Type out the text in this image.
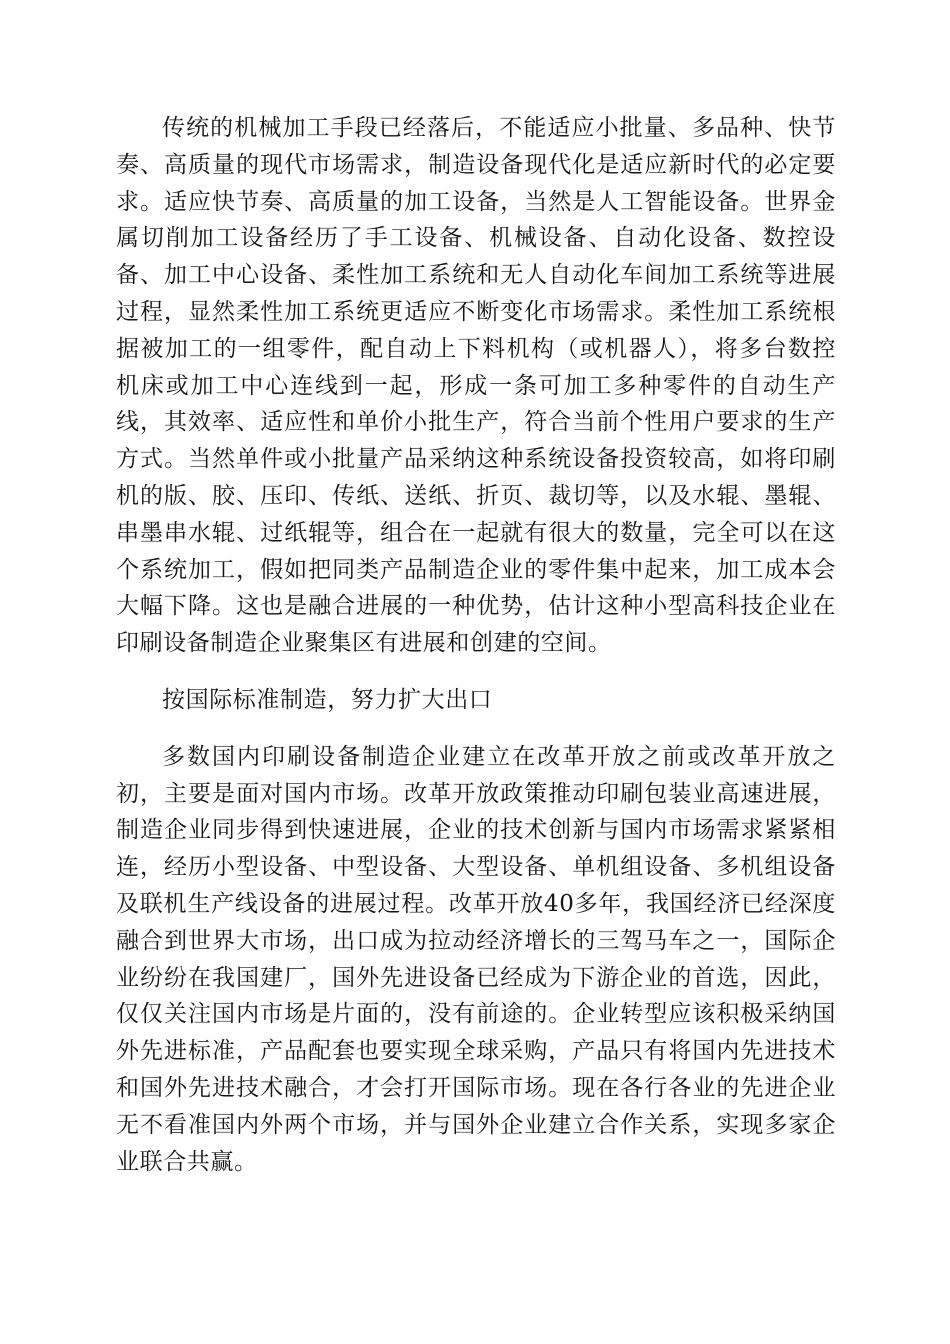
传统的机械加工手段已经落后，不能适应小批量、多品种、快节奏、高质量的现代市场需求，制造设备现代化是适应新时代的必定要求。适应快节奏、高质量的加工设备，当然是人工智能设备。世界金属切削加工设备经历了手工设备、机械设备、自动化设备、数控设备、加工中心设备、柔性加工系统和无人自动化车间加工系统等进展过程，显然柔性加工系统更适应不断变化市场需求。柔性加工系统根据被加工的一组零件，配自动上下料机构（或机器人），将多台数控机床或加工中心连线到一起，形成一条可加工多种零件的自动生产线，其效率、适应性和单价小批生产，符合当前个性用户要求的生产方式。当然单件或小批量产品采纳这种系统设备投资较高，如将印刷机的版、胶、压印、传纸、送纸、折页、裁切等，以及水辊、墨辊、串墨串水辊、过纸辊等，组合在一起就有很大的数量，完全可以在这个系统加工，假如把同类产品制造企业的零件集中起来，加工成本会大幅下降。这也是融合进展的一种优势，估计这种小型高科技企业在印刷设备制造企业聚集区有进展和创建的空间。

按国际标准制造，努力扩大出口

多数国内印刷设备制造企业建立在改革开放之前或改革开放之初，主要是面对国内市场。改革开放政策推动印刷包装业高速进展，制造企业同步得到快速进展，企业的技术创新与国内市场需求紧紧相连，经历小型设备、中型设备、大型设备、单机组设备、多机组设备及联机生产线设备的进展过程。改革开放40多年，我国经济已经深度融合到世界大市场，出口成为拉动经济增长的三驾马车之一，国际企业纷纷在我国建厂，国外先进设备已经成为下游企业的首选，因此，仅仅关注国内市场是片面的，没有前途的。企业转型应该积极采纳国外先进标准，产品配套也要实现全球采购，产品只有将国内先进技术和国外先进技术融合，才会打开国际市场。现在各行各业的先进企业无不看准国内外两个市场，并与国外企业建立合作关系，实现多家企业联合共赢。
